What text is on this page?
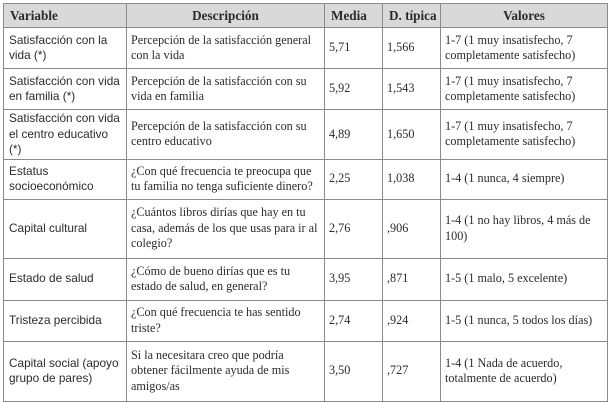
Variable	Descripción	Media	D. típica	Valores
Satisfacción con la vida (*)	Percepción de la satisfacción general con la vida	5,71	1,566	1-7 (1 muy insatisfecho, 7 completamente satisfecho)
Satisfacción con vida en familia (*)	Percepción de la satisfacción con su vida en familia	5,92	1,543	1-7 (1 muy insatisfecho, 7 completamente satisfecho)
Satisfacción con vida el centro educativo (*)	Percepción de la satisfacción con su centro educativo	4,89	1,650	1-7 (1 muy insatisfecho, 7 completamente satisfecho)
Estatus socioeconómico	¿Con qué frecuencia te preocupa que tu familia no tenga suficiente dinero?	2,25	1,038	1-4 (1 nunca, 4 siempre)
Capital cultural	¿Cuántos libros dirías que hay en tu casa, además de los que usas para ir al colegio?	2,76	,906	1-4 (1 no hay libros, 4 más de 100)
Estado de salud	¿Cómo de bueno dirías que es tu estado de salud, en general?	3,95	,871	1-5 (1 malo, 5 excelente)
Tristeza percibida	¿Con qué frecuencia te has sentido triste?	2,74	,924	1-5 (1 nunca, 5 todos los días)
Capital social (apoyo grupo de pares)	Si la necesitara creo que podría obtener fácilmente ayuda de mis amigos/as	3,50	,727	1-4 (1 Nada de acuerdo, totalmente de acuerdo)
